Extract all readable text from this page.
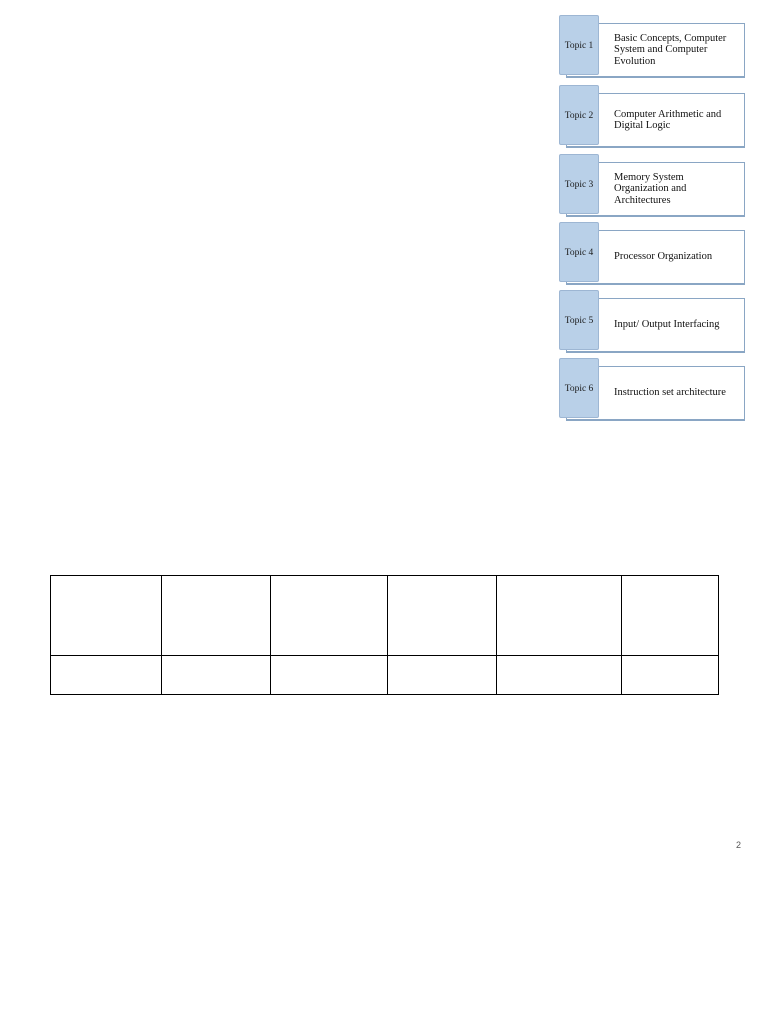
Basic Concepts, Computer System and Computer Evolution
Topic 1
Computer Arithmetic and Digital Logic
Topic 2
Memory System Organization and Architectures
Topic 3
Processor Organization
Topic 4
Input/ Output Interfacing
Topic 5
Instruction set architecture
Topic 6

2
